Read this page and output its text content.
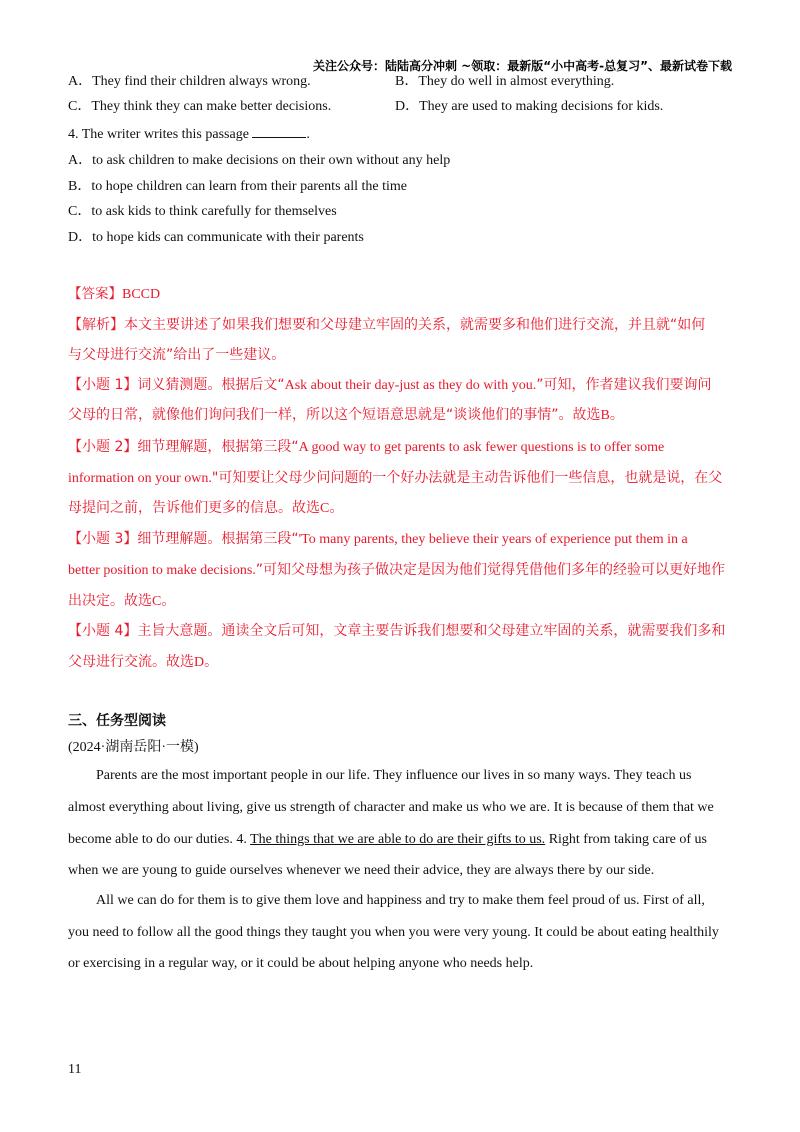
关注公众号：陆陆高分冲刺 ~领取：最新版“小中高考-总复习”、最新试卷下载
A．They find their children always wrong.	B．They do well in almost everything.
C．They think they can make better decisions.	D．They are used to making decisions for kids.
4. The writer writes this passage	.
A．to ask children to make decisions on their own without any help
B．to hope children can learn from their parents all the time
C．to ask kids to think carefully for themselves
D．to hope kids can communicate with their parents
【答案】BCCD
【解析】本文主要讲述了如果我们想要和父母建立牢固的关系，就需要多和他们进行交流，并且就“如何
与父母进行交流”给出了一些建议。
【小题 1】词义猜测题。根据后文“Ask about their day-just as they do with you.”可知，作者建议我们要询问
父母的日常，就像他们询问我们一样，所以这个短语意思就是“谈谈他们的事情”。故选B。
【小题 2】细节理解题，根据第三段“A good way to get parents to ask fewer questions is to offer some
information on your own."可知要让父母少问问题的一个好办法就是主动告诉他们一些信息，也就是说，在父
母提问之前，告诉他们更多的信息。故选C。
【小题 3】细节理解题。根据第三段“'To many parents, they believe their years of experience put them in a
better position to make decisions.”可知父母想为孩子做决定是因为他们觉得凭借他们多年的经验可以更好地作
出决定。故选C。
【小题 4】主旨大意题。通读全文后可知，文章主要告诉我们想要和父母建立牢固的关系，就需要我们多和
父母进行交流。故选D。
三、任务型阅读
(2024·湖南岳阳·一模)
Parents are the most important people in our life. They influence our lives in so many ways. They teach us
almost everything about living, give us strength of character and make us who we are. It is because of them that we
become able to do our duties. 4. The things that we are able to do are their gifts to us. Right from taking care of us
when we are young to guide ourselves whenever we need their advice, they are always there by our side.
All we can do for them is to give them love and happiness and try to make them feel proud of us. First of all,
you need to follow all the good things they taught you when you were very young. It could be about eating healthily
or exercising in a regular way, or it could be about helping anyone who needs help.
11
